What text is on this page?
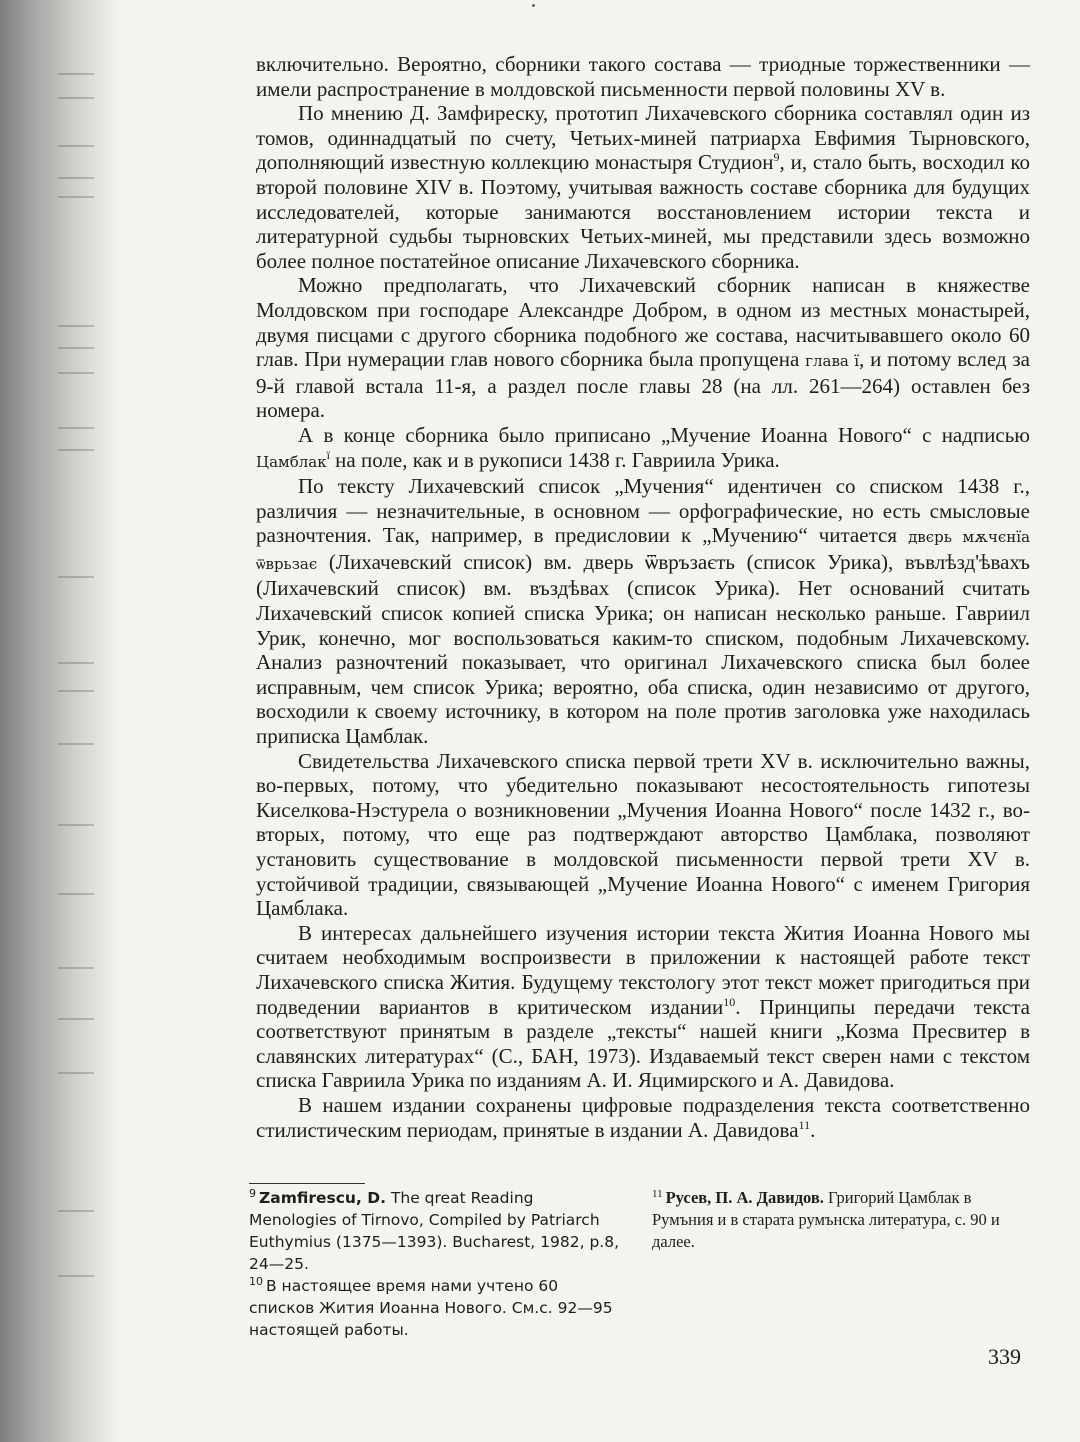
включительно. Вероятно, сборники такого состава — триодные торжественники — имели распространение в молдовской письменности первой половины XV в.

По мнению Д. Замфиреску, прототип Лихачевского сборника составлял один из томов, одиннадцатый по счету, Четьих-миней патриарха Евфимия Тырновского, дополняющий известную коллекцию монастыря Студион$^9$, и, стало быть, восходил ко второй половине XIV в. Поэтому, учитывая важность составе сборника для будущих исследователей, которые занимаются восстановлением истории текста и литературной судьбы тырновских Четьих-миней, мы представили здесь возможно более полное постатейное описание Лихачевского сборника.

Можно предполагать, что Лихачевский сборник написан в княжестве Молдовском при господаре Александре Добром, в одном из местных монастырей, двумя писцами с другого сборника подобного же состава, насчитывавшего около 60 глав. При нумерации глав нового сборника была пропущена глава ї, и потому вслед за 9-й главой встала 11-я, а раздел после главы 28 (на лл. 261—264) оставлен без номера.

А в конце сборника было приписано „Мучение Иоанна Нового“ с надписью Цамблак$^ї$ на поле, как и в рукописи 1438 г. Гавриила Урика.

По тексту Лихачевский список „Мучения“ идентичен со списком 1438 г., различия — незначительные, в основном — орфографические, но есть смысловые разночтения. Так, например, в предисловии к „Мучению“ читается двєрь мѫчєнїа ѿврьзає (Лихачевский список) вм. дверь ѿвръзаєть (список Урика), въвлѣзд'ѣвахъ (Лихачевский список) вм. въздѣвах (список Урика). Нет оснований считать Лихачевский список копией списка Урика; он написан несколько раньше. Гавриил Урик, конечно, мог воспользоваться каким-то списком, подобным Лихачевскому. Анализ разночтений показывает, что оригинал Лихачевского списка был более исправным, чем список Урика; вероятно, оба списка, один независимо от другого, восходили к своему источнику, в котором на поле против заголовка уже находилась приписка Цамблак.

Свидетельства Лихачевского списка первой трети XV в. исключительно важны, во-первых, потому, что убедительно показывают несостоятельность гипотезы Киселкова-Нэстурела о возникновении „Мучения Иоанна Нового“ после 1432 г., во-вторых, потому, что еще раз подтверждают авторство Цамблака, позволяют установить существование в молдовской письменности первой трети XV в. устойчивой традиции, связывающей „Мучение Иоанна Нового“ с именем Григория Цамблака.

В интересах дальнейшего изучения истории текста Жития Иоанна Нового мы считаем необходимым воспроизвести в приложении к настоящей работе текст Лихачевского списка Жития. Будущему текстологу этот текст может пригодиться при подведении вариантов в критическом издании$^{10}$. Принципы передачи текста соответствуют принятым в разделе „тексты“ нашей книги „Козма Пресвитер в славянских литературах“ (С., БАН, 1973). Издаваемый текст сверен нами с текстом списка Гавриила Урика по изданиям А. И. Яцимирского и А. Давидова.

В нашем издании сохранены цифровые подразделения текста соответственно стилистическим периодам, принятые в издании А. Давидова$^{11}$.

$^9$ Zamfirescu, D. The qreat Reading Menologies of Tirnovo, Compiled by Patriarch Euthymius (1375—1393). Bucharest, 1982, p.8, 24—25.

$^{10}$ В настоящее время нами учтено 60 списков Жития Иоанна Нового. См.с. 92—95 настоящей работы.

$^{11}$ Русев, П. А. Давидов. Григорий Цамблак в Румъния и в старата румънска литература, с. 90 и далее.

339
